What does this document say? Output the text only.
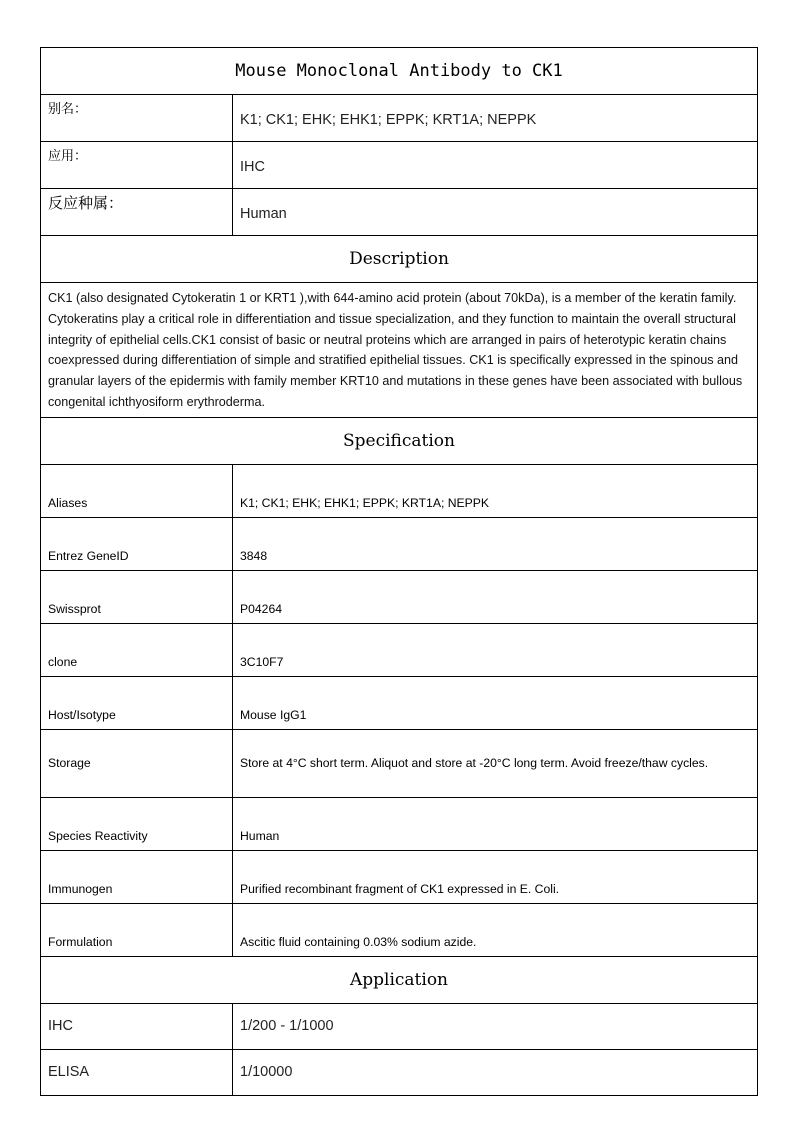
Mouse Monoclonal Antibody to CK1	
别名：	K1; CK1; EHK; EHK1; EPPK; KRT1A; NEPPK
应用：	IHC
反应种属：	Human
Description	
CK1 (also designated Cytokeratin 1 or KRT1 ),with 644-amino acid protein (about 70kDa), is a member of the keratin family. Cytokeratins play a critical role in differentiation and tissue specialization, and they function to maintain the overall structural integrity of epithelial cells.CK1 consist of basic or neutral proteins which are arranged in pairs of heterotypic keratin chains coexpressed during differentiation of simple and stratified epithelial tissues. CK1 is specifically expressed in the spinous and granular layers of the epidermis with family member KRT10 and mutations in these genes have been associated with bullous congenital ichthyosiform erythroderma.	
Specification	
Aliases	K1; CK1; EHK; EHK1; EPPK; KRT1A; NEPPK
Entrez GeneID	3848
Swissprot	P04264
clone	3C10F7
Host/Isotype	Mouse IgG1
Storage	Store at 4°C short term. Aliquot and store at -20°C long term. Avoid freeze/thaw cycles.
Species Reactivity	Human
Immunogen	Purified recombinant fragment of CK1 expressed in E. Coli.
Formulation	Ascitic fluid containing 0.03% sodium azide.
Application	
IHC	1/200 - 1/1000
ELISA	1/10000
